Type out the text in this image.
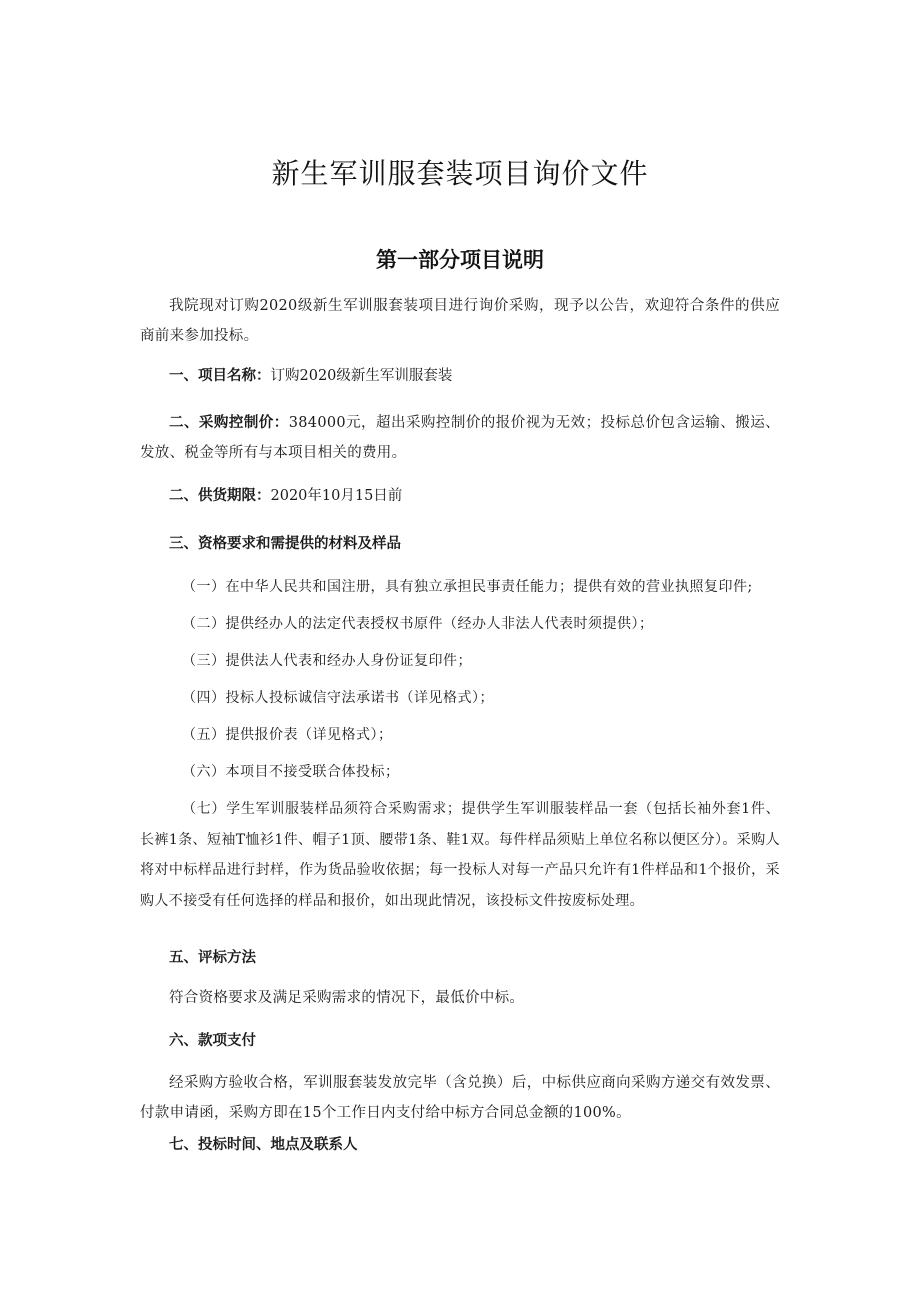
新生军训服套装项目询价文件
第一部分项目说明
我院现对订购2020级新生军训服套装项目进行询价采购，现予以公告，欢迎符合条件的供应商前来参加投标。
一、项目名称：订购2020级新生军训服套装
二、采购控制价：384000元，超出采购控制价的报价视为无效；投标总价包含运输、搬运、发放、税金等所有与本项目相关的费用。
二、供货期限：2020年10月15日前
三、资格要求和需提供的材料及样品
（一）在中华人民共和国注册，具有独立承担民事责任能力；提供有效的营业执照复印件;
（二）提供经办人的法定代表授权书原件（经办人非法人代表时须提供）；
（三）提供法人代表和经办人身份证复印件；
（四）投标人投标诚信守法承诺书（详见格式）；
（五）提供报价表（详见格式）；
（六）本项目不接受联合体投标；
（七）学生军训服装样品须符合采购需求；提供学生军训服装样品一套（包括长袖外套1件、长裤1条、短袖T恤衫1件、帽子1顶、腰带1条、鞋1双。每件样品须贴上单位名称以便区分）。采购人将对中标样品进行封样，作为货品验收依据；每一投标人对每一产品只允许有1件样品和1个报价，采购人不接受有任何选择的样品和报价，如出现此情况，该投标文件按废标处理。
五、评标方法
符合资格要求及满足采购需求的情况下，最低价中标。
六、款项支付
经采购方验收合格，军训服套装发放完毕（含兑换）后，中标供应商向采购方递交有效发票、付款申请函，采购方即在15个工作日内支付给中标方合同总金额的100%。
七、投标时间、地点及联系人
